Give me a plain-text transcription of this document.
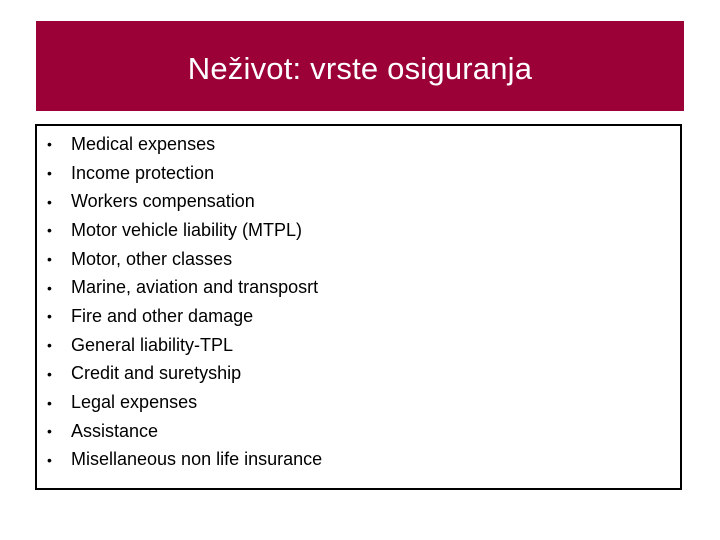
Neživot: vrste osiguranja
•	Medical expenses
•	Income protection
•	Workers compensation
•	Motor vehicle liability (MTPL)
•	Motor, other classes
•	Marine, aviation and transposrt
•	Fire and other damage
•	General liability-TPL
•	Credit and suretyship
•	Legal expenses
•	Assistance
•	Misellaneous non life insurance
